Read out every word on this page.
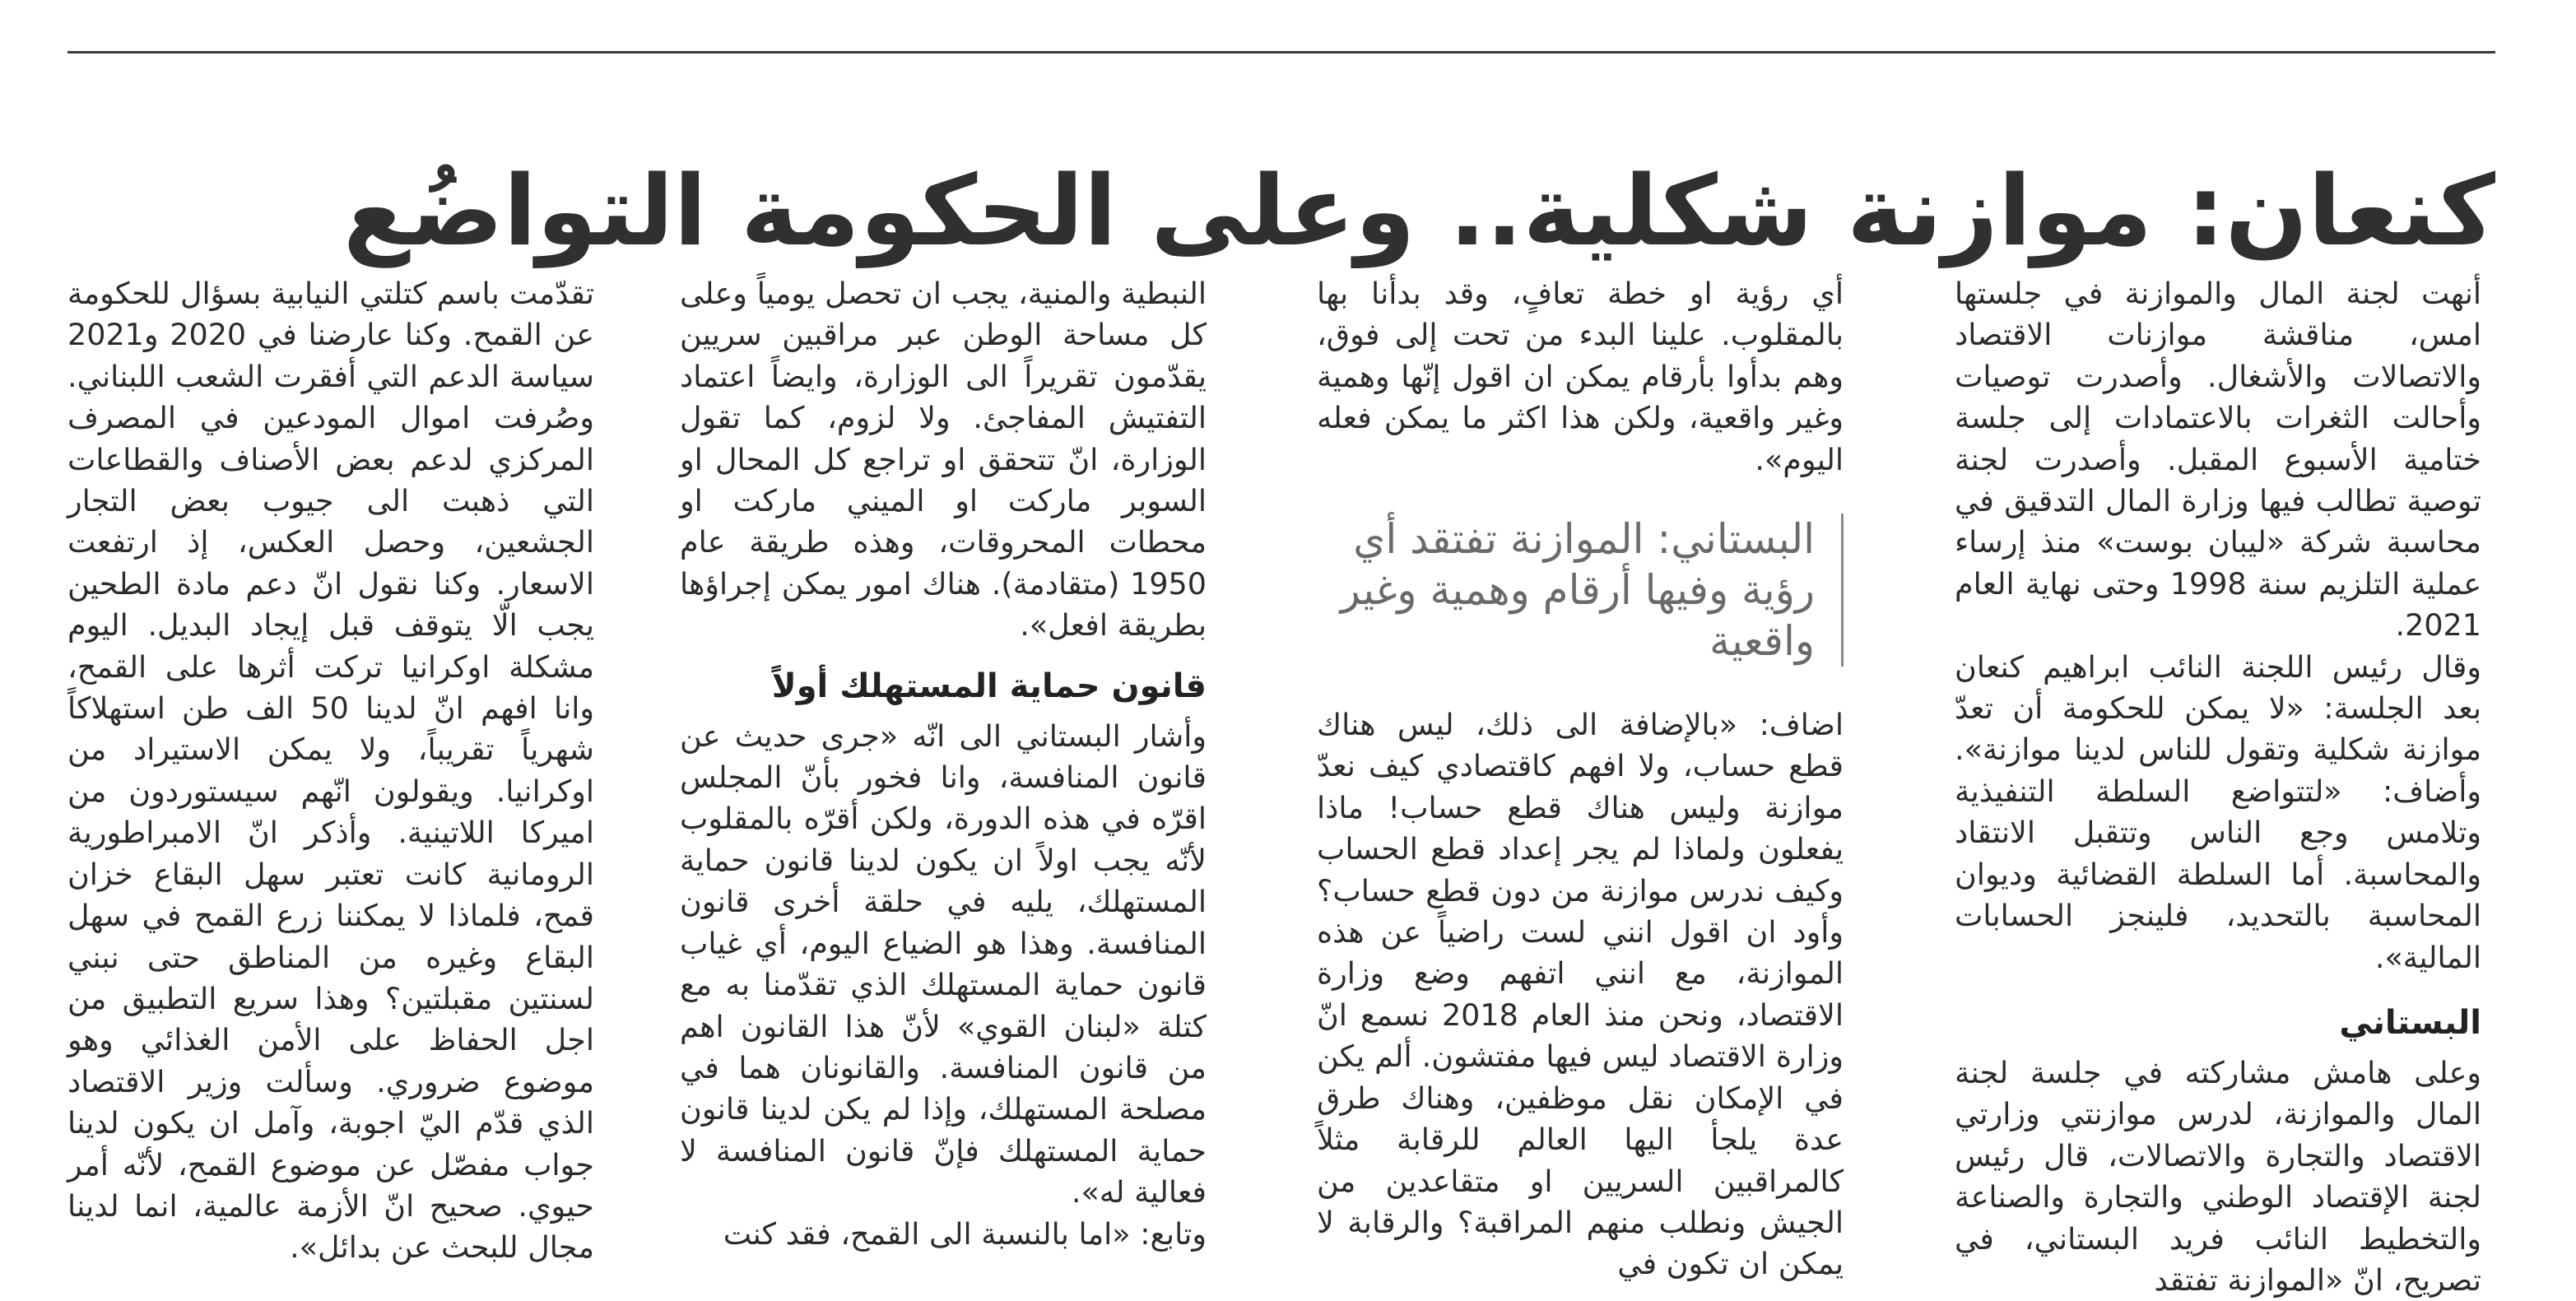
كنعان: موازنة شكلية.. وعلى الحكومة التواضُع

أنهت لجنة المال والموازنة في جلستها امس، مناقشة موازنات الاقتصاد والاتصالات والأشغال. وأصدرت توصيات وأحالت الثغرات بالاعتمادات إلى جلسة ختامية الأسبوع المقبل. وأصدرت لجنة توصية تطالب فيها وزارة المال التدقيق في محاسبة شركة «ليبان بوست» منذ إرساء عملية التلزيم سنة 1998 وحتى نهاية العام 2021.

وقال رئيس اللجنة النائب ابراهيم كنعان بعد الجلسة: «لا يمكن للحكومة أن تعدّ موازنة شكلية وتقول للناس لدينا موازنة». وأضاف: «لتتواضع السلطة التنفيذية وتلامس وجع الناس وتتقبل الانتقاد والمحاسبة. أما السلطة القضائية وديوان المحاسبة بالتحديد، فلينجز الحسابات المالية».

البستاني

وعلى هامش مشاركته في جلسة لجنة المال والموازنة، لدرس موازنتي وزارتي الاقتصاد والتجارة والاتصالات، قال رئيس لجنة الإقتصاد الوطني والتجارة والصناعة والتخطيط النائب فريد البستاني، في تصريح، انّ «الموازنة تفتقد

أي رؤية او خطة تعافٍ، وقد بدأنا بها بالمقلوب. علينا البدء من تحت إلى فوق، وهم بدأوا بأرقام يمكن ان اقول إنّها وهمية وغير واقعية، ولكن هذا اكثر ما يمكن فعله اليوم».

البستاني: الموازنة تفتقد أي رؤية وفيها أرقام وهمية وغير واقعية

اضاف: «بالإضافة الى ذلك، ليس هناك قطع حساب، ولا افهم كاقتصادي كيف نعدّ موازنة وليس هناك قطع حساب! ماذا يفعلون ولماذا لم يجر إعداد قطع الحساب وكيف ندرس موازنة من دون قطع حساب؟ وأود ان اقول انني لست راضياً عن هذه الموازنة، مع انني اتفهم وضع وزارة الاقتصاد، ونحن منذ العام 2018 نسمع انّ وزارة الاقتصاد ليس فيها مفتشون. ألم يكن في الإمكان نقل موظفين، وهناك طرق عدة يلجأ اليها العالم للرقابة مثلاً كالمراقبين السريين او متقاعدين من الجيش ونطلب منهم المراقبة؟ والرقابة لا يمكن ان تكون في

النبطية والمنية، يجب ان تحصل يومياً وعلى كل مساحة الوطن عبر مراقبين سريين يقدّمون تقريراً الى الوزارة، وايضاً اعتماد التفتيش المفاجئ. ولا لزوم، كما تقول الوزارة، انّ تتحقق او تراجع كل المحال او السوبر ماركت او الميني ماركت او محطات المحروقات، وهذه طريقة عام 1950 (متقادمة). هناك امور يمكن إجراؤها بطريقة افعل».

قانون حماية المستهلك أولاً

وأشار البستاني الى انّه «جرى حديث عن قانون المنافسة، وانا فخور بأنّ المجلس اقرّه في هذه الدورة، ولكن أقرّه بالمقلوب لأنّه يجب اولاً ان يكون لدينا قانون حماية المستهلك، يليه في حلقة أخرى قانون المنافسة. وهذا هو الضياع اليوم، أي غياب قانون حماية المستهلك الذي تقدّمنا به مع كتلة «لبنان القوي» لأنّ هذا القانون اهم من قانون المنافسة. والقانونان هما في مصلحة المستهلك، وإذا لم يكن لدينا قانون حماية المستهلك فإنّ قانون المنافسة لا فعالية له».

وتابع: «اما بالنسبة الى القمح، فقد كنت

تقدّمت باسم كتلتي النيابية بسؤال للحكومة عن القمح. وكنا عارضنا في 2020 و2021 سياسة الدعم التي أفقرت الشعب اللبناني. وصُرفت اموال المودعين في المصرف المركزي لدعم بعض الأصناف والقطاعات التي ذهبت الى جيوب بعض التجار الجشعين، وحصل العكس، إذ ارتفعت الاسعار. وكنا نقول انّ دعم مادة الطحين يجب الّا يتوقف قبل إيجاد البديل. اليوم مشكلة اوكرانيا تركت أثرها على القمح، وانا افهم انّ لدينا 50 الف طن استهلاكاً شهرياً تقريباً، ولا يمكن الاستيراد من اوكرانيا. ويقولون انّهم سيستوردون من اميركا اللاتينية. وأذكر انّ الامبراطورية الرومانية كانت تعتبر سهل البقاع خزان قمح، فلماذا لا يمكننا زرع القمح في سهل البقاع وغيره من المناطق حتى نبني لسنتين مقبلتين؟ وهذا سريع التطبيق من اجل الحفاظ على الأمن الغذائي وهو موضوع ضروري. وسألت وزير الاقتصاد الذي قدّم اليّ اجوبة، وآمل ان يكون لدينا جواب مفصّل عن موضوع القمح، لأنّه أمر حيوي. صحيح انّ الأزمة عالمية، انما لدينا مجال للبحث عن بدائل».
